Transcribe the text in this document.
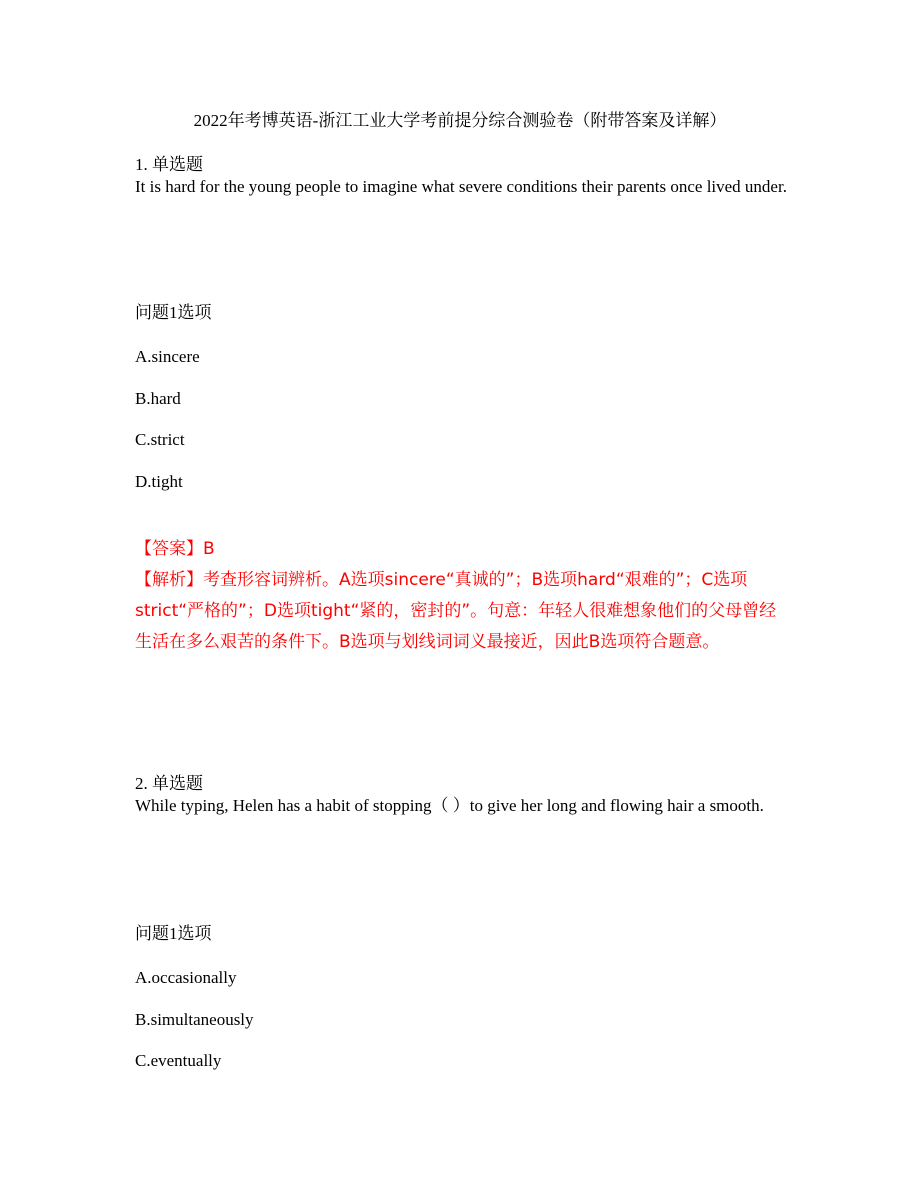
2022年考博英语-浙江工业大学考前提分综合测验卷（附带答案及详解）

1. 单选题

It is hard for the young people to imagine what severe conditions their parents once lived under.

问题1选项
A.sincere
B.hard
C.strict
D.tight

【答案】B

【解析】考查形容词辨析。A选项sincere“真诚的”；B选项hard“艰难的”；C选项strict“严格的”；D选项tight“紧的，密封的”。句意：年轻人很难想象他们的父母曾经生活在多么艰苦的条件下。B选项与划线词词义最接近，因此B选项符合题意。

2. 单选题

While typing, Helen has a habit of stopping（ ）to give her long and flowing hair a smooth.

问题1选项
A.occasionally
B.simultaneously
C.eventually
